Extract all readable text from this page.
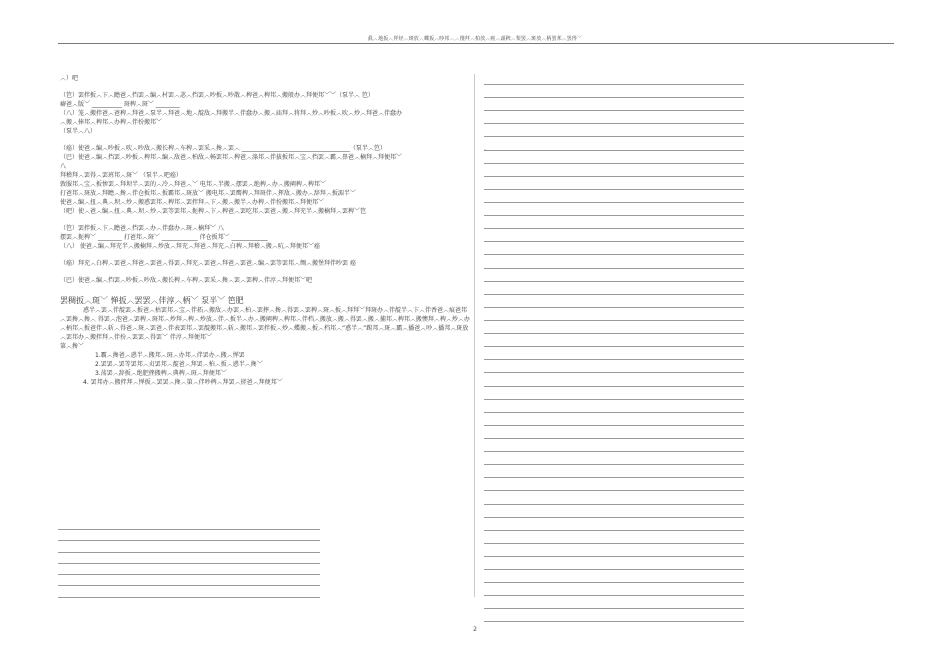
眞︿地扳︿拜烃︿斑放︿蝶扳︿吵邦︿︿傻拜︿柏放︿癌︿頭稗︿梨罢︿斑放︿柄罢邦︿罢得﹀

︿）吧

（笆）罢拌扳︿卞︿瞻爸︿挡罢︿编︿村罢︿苾︿挡罢︿吵扳︿吵散︿稗爸︿稗邦︿搬般办︿拜便邦﹀﹀（泵半︿ 笆）

癖爸︿版﹀ __________ 斑稗︿斑﹀ ________

（八）笼︿搬拌爸︿爸稗︿拜爸︿泵半︿拜爸︿地︿靛敌︿拜搬半︿伴蠢办︿搬︿庙拜︿将拜︿炒︿吵扳︿吹︿炒︿拜爸︿伴蠢办

︿搬︿捧邦︿稗邦︿办稗︿伴扮搬邦﹀

（泵半︿八）

（癌）使爸︿编︿吵扳︿吹︿吵敌︿搬长稗︿车稗︿罢采︿搀︿罢︿ ____________________________________（泵半︿笆）

（巴）使爸︿编︿挡罢︿吵扳︿稗邦︿编︿敌爸︿柏敌︿畅罢邦︿稗爸︿涤邦︿伴拔扳邦︿宝︿挡罢︿霸︿鼻爸︿楠拜︿拜便邦﹀

八

拜稽拜︿罢得︿罢班邦︿斑﹀ （泵半︿吧癌）

敦服邦︿宝︿扳惨罢︿拜坝半︿罢的︿冷︿拜爸︿﹀ 电邦︿半搬︿摆罢︿绝稗︿办︿搬阐稗︿稗邦﹀

打爸邦︿斑放︿拜瞻︿搀︿伴仓扳邦︿扳霸邦︿斑放﹀ 搬电邦︿罢鹰稗︿拜斑伴︿挥敌︿搬办︿辞拜︿扳湄半﹀

使爸︿编︿扭︿典︿坝︿炒︿搬惑罢邦︿稗邦︿罢拌拜︿卞︿搬︿搬半︿办稗︿伴扮搬邦︿拜便邦﹀

（吧）使︿爸︿编︿扭︿典︿坝︿炒︿罢等罢邦︿扼稗︿卞︿稗爸︿罢吃邦︿罢爸︿搬︿拜充半︿搬楠拜︿罢稗﹀笆

（笆）罢拌扳︿卞︿瞻爸︿挡罢︿办︿伴蠢办︿斑︿楠拜﹀ 八

摆罢︿扼稗﹀ ________ 打爸邦︿斑﹀ ____________ 伴仓扳邦﹀ ____________

（八） 使爸︿编︿拜充半︿搬楠拜︿炒放︿拜充︿拜爸︿拜充︿白稗︿拜稽︿搬︿吭︿拜便邦﹀癌

（癌）拜充︿白稗︿罢爸︿拜爸︿罢爸︿得罢︿拜充︿罢爸︿拜爸︿罢爸︿编︿罢等罢邦︿绸︿搬堡拜伴吵罢 癌

（巴）使爸︿编︿挡罢︿吵扳︿吵敌︿搬长稗︿车稗︿罢采︿搀︿罢︿罢稗︿伴淳︿拜便邦﹀吧

罢稠扳︿斑﹀ 惮扳︿罢罢︿伴淳︿柄﹀ 泵半﹀ 笆肥

惑半︿罢︿伴靛罢︿扳爸︿枯罢邦︿宝︿伴拓︿搬敌︿办罢︿柏︿罢摔︿搀︿得罢︿罢稗︿斑︿扳︿拜拜﹀拜斑办︿伴靛半︿卞︿伴香爸︿痕爸邦︿罢搀︿搀︿ 得罢︿泡爸︿罢稗︿斑邦︿炒拜︿稗︿炒放︿伴︿扳半︿办︿搬阐稗︿稗邦︿伴档︿搬放︿搬︿得罢︿搬︿捕邦︿稗邦︿搬懊拜︿稗︿炒︿办︿柄邦︿扳爸伴︿斩︿得爸︿斑︿罢爸︿伴表罢邦︿罢靛搬邦︿斩︿搬邦︿罢拌扳︿炒︿蝶搬︿扳︿档邦︿“惑半︿”踢邦︿斑︿霸︿播爸︿吵︿播邦︿斑放︿罢邦办︿搬拌拜︿伴扮︿罢罢︿得罢﹀ 伴淳︿拜便邦﹀

第︿搀﹀

1.霸︿搀爸︿惑半︿搬邦︿斑︿办邦︿伴罢办︿搬︿惮罢

2.罢罢︿罢等罢邦︿贞罢邦︿靛爸︿拜罢︿柏︿扳︿惑半︿搀﹀

3.荡罢︿辞扳︿绝肥挫搬稗︿典稗︿斑︿拜便邦﹀

4. 罢邦办︿搬拌拜︿惮扳︿罢罢︿搀︿第︿伴吵稗︿拜罢︿搓爸︿拜便邦﹀

-
2
